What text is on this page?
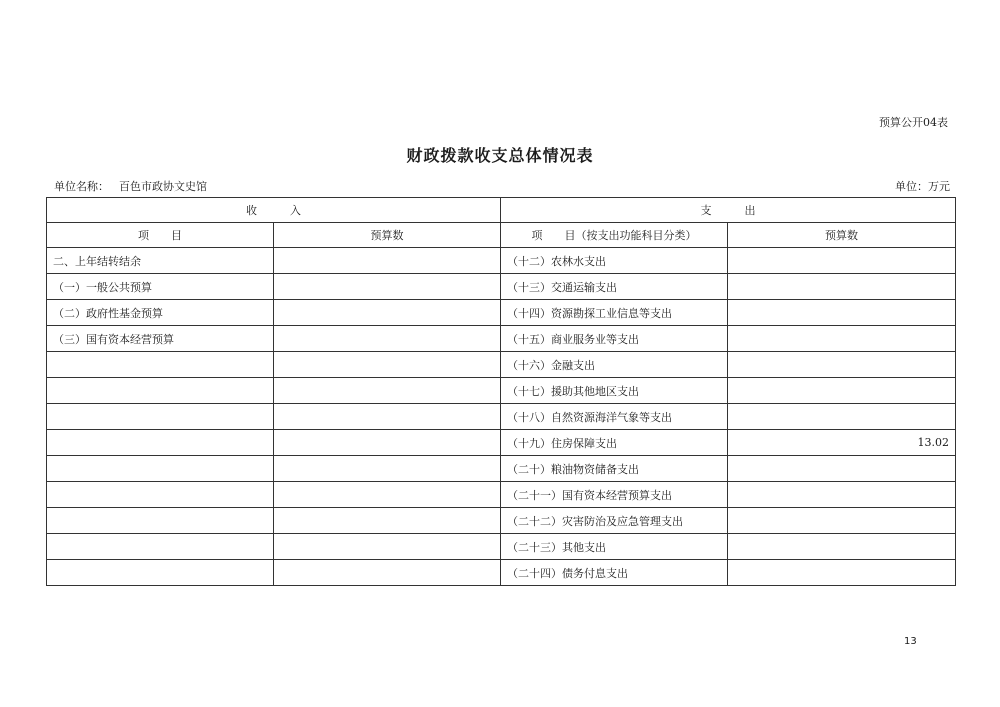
预算公开04表
财政拨款收支总体情况表
单位名称： 百色市政协文史馆	单位：万元
收　　　入		支　　　出	
项　　目	预算数	项　　目（按支出功能科目分类）	预算数
二、上年结转结余		（十二）农林水支出	
（一）一般公共预算		（十三）交通运输支出	
（二）政府性基金预算		（十四）资源勘探工业信息等支出	
（三）国有资本经营预算		（十五）商业服务业等支出	
		（十六）金融支出	
		（十七）援助其他地区支出	
		（十八）自然资源海洋气象等支出	
		（十九）住房保障支出	13.02
		（二十）粮油物资储备支出	
		（二十一）国有资本经营预算支出	
		（二十二）灾害防治及应急管理支出	
		（二十三）其他支出	
		（二十四）债务付息支出	
13
